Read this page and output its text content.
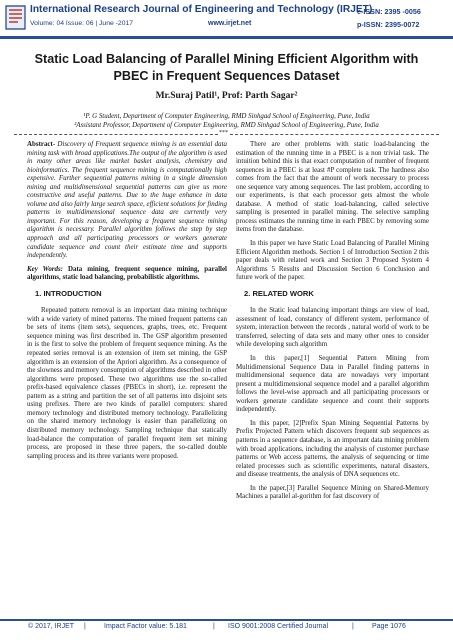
International Research Journal of Engineering and Technology (IRJET)
Volume: 04 Issue: 06 | June -2017	www.irjet.net
e-ISSN: 2395 -0056
p-ISSN: 2395-0072
Static Load Balancing of Parallel Mining Efficient Algorithm with PBEC in Frequent Sequences Dataset
Mr.Suraj Patil¹, Prof: Parth Sagar²
¹P. G Student, Department of Computer Engineering, RMD Sinhgad School of Engineering, Pune, India
²Assistant Professor, Department of Computer Engineering, RMD Sinhgad School of Engineering, Pune, India
***

Abstract- Discovery of Frequent sequence mining is an essential data mining task with broad applications.The output of the algorithm is used in many other areas like market basket analysis, chemistry and bioinformatics. The frequent sequence mining is computationally high expensive. Further sequential patterns mining in a single dimension mining and multidimensional sequential patterns can give us more constructive and useful patterns. Due to the huge enhance in data volume and also fairly large search space, efficient solutions for finding patterns in multidimensional sequence data are currently very important. For this reason, developing a frequent sequence mining algorithm is necessary. Parallel algorithm follows the step by step approach and all participating processors or workers generate candidate sequence and count their estimate time and supports independently.

Key Words: Data mining, frequent sequence mining, parallel algorithms, static load balancing, probabilistic algorithms.

1. INTRODUCTION

Repeated pattern removal is an important data mining technique with a wide variety of mined patterns. The mined frequent patterns can be sets of items (item sets), sequences, graphs, trees, etc. Frequent sequence mining was first described in. The GSP algorithm presented in is the first to solve the problem of frequent sequence mining. As the repeated series removal is an extension of item set mining, the GSP algorithm is an extension of the Apriori algorithm. As a consequence of the slowness and memory consumption of algorithms described in other algorithms were proposed. These two algorithms use the so-called prefix-based equivalence classes (PBECs in short), i.e. represent the pattern as a string and partition the set of all patterns into disjoint sets using prefixes. There are two kinds of parallel computers: shared memory technology and distributed memory technology. Parallelizing on the shared memory technology is easier than parallelizing on distributed memory technology. Sampling technique that statically load-balance the computation of parallel frequent item set mining process, are proposed in these three papers, the so-called double sampling process and its three variants were proposed.

There are other problems with static load-balancing the estimation of the running time in a PBEC is a non trivial task. The intuition behind this is that exact computation of number of frequent sequences in a PBEC is at least #P complete task. The hardness also comes from the fact that the amount of work necessary to process one sequence vary among sequences. The last problem, according to our experiments, is that each processor gets almost the whole database. A method of static load-balancing, called selective sampling is presented in parallel mining. The selective sampling process estimates the running time in each PBEC by removing some items from the database.

In this paper we have Static Load Balancing of Parallel Mining Efficient Algorithm methods. Section 1 of Introduction Section 2 this paper deals with related work and Section 3 Proposed System 4 Algorithms 5 Results and Discussion Section 6 Conclusion and future work of the paper.

2. RELATED WORK

In the Static load balancing important things are view of load, assessment of load, constancy of different system, performance of system, interaction between the records , natural world of work to be transferred, selecting of data sets and many other ones to consider while developing such algorithm

In this paper,[1] Sequential Pattern Mining from Multidimensional Sequence Data in Parallel finding patterns in multidimensional sequence data are nowadays very important present a multidimensional sequence model and a parallel algorithm follows the level-wise approach and all participating processors or workers generate candidate sequence and count their supports independently.

In this paper, [2]Prefix Span Mining Sequential Patterns by Prefix Projected Pattern which discovers frequent sub sequences as patterns in a sequence database, is an important data mining problem with broad applications, including the analysis of customer purchase patterns or Web access patterns, the analysis of sequencing or time related processes such as scientific experiments, natural disasters, and disease treatments, the analysis of DNA sequences etc.

In the paper,[3] Parallel Sequence Mining on Shared-Memory Machines a parallel al-gorithm for fast discovery of

© 2017, IRJET |	Impact Factor value: 5.181	| ISO 9001:2008 Certified Journal	|	Page 1076
